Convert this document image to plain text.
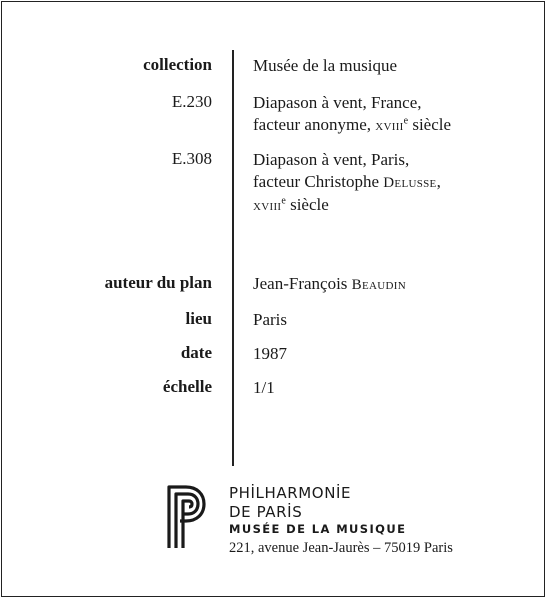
collection Musée de la musique
E.230 Diapason à vent, France,
facteur anonyme, xviii$^e$ siècle
E.308 Diapason à vent, Paris,
facteur Christophe Delusse,
xviii$^e$ siècle
auteur du plan Jean-François Beaudin
lieu Paris
date 1987
échelle 1/1
PHİLHARMONİE
DE PARİS
MUSÉE DE LA MUSIQUE
221, avenue Jean-Jaurès – 75019 Paris
